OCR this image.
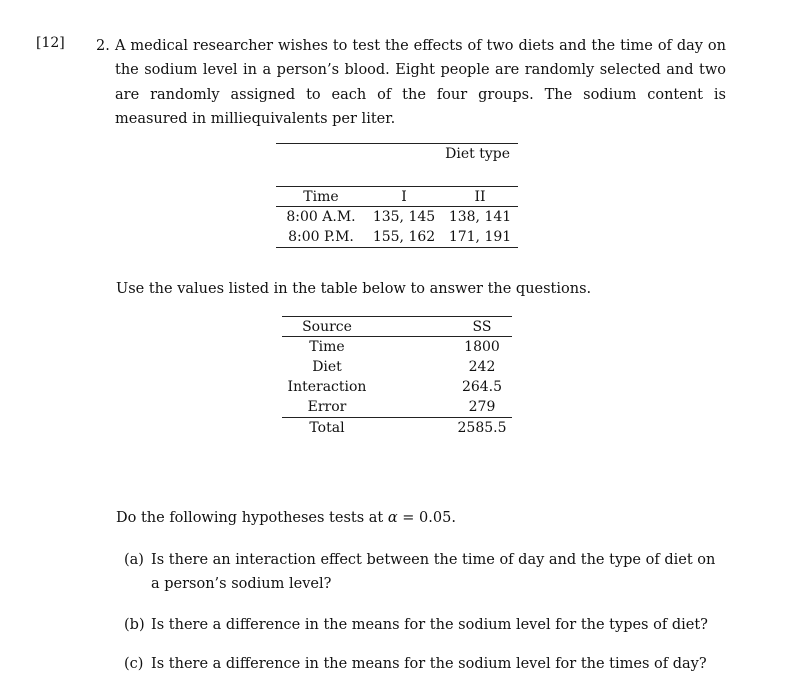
[12] 2. A medical researcher wishes to test the effects of two diets and the time of day on the sodium level in a person’s blood. Eight people are randomly selected and two are randomly assigned to each of the four groups. The sodium content is measured in milliequivalents per liter.
		Diet type

Time	I	II
8:00 A.M.	135, 145	138, 141
8:00 P.M.	155, 162	171, 191
Use the values listed in the table below to answer the questions.
Source		SS
Time		1800
Diet		242
Interaction		264.5
Error		279
Total		2585.5
Do the following hypotheses tests at α = 0.05.
(a) Is there an interaction effect between the time of day and the type of diet on a person’s sodium level?
(b) Is there a difference in the means for the sodium level for the types of diet?
(c) Is there a difference in the means for the sodium level for the times of day?
